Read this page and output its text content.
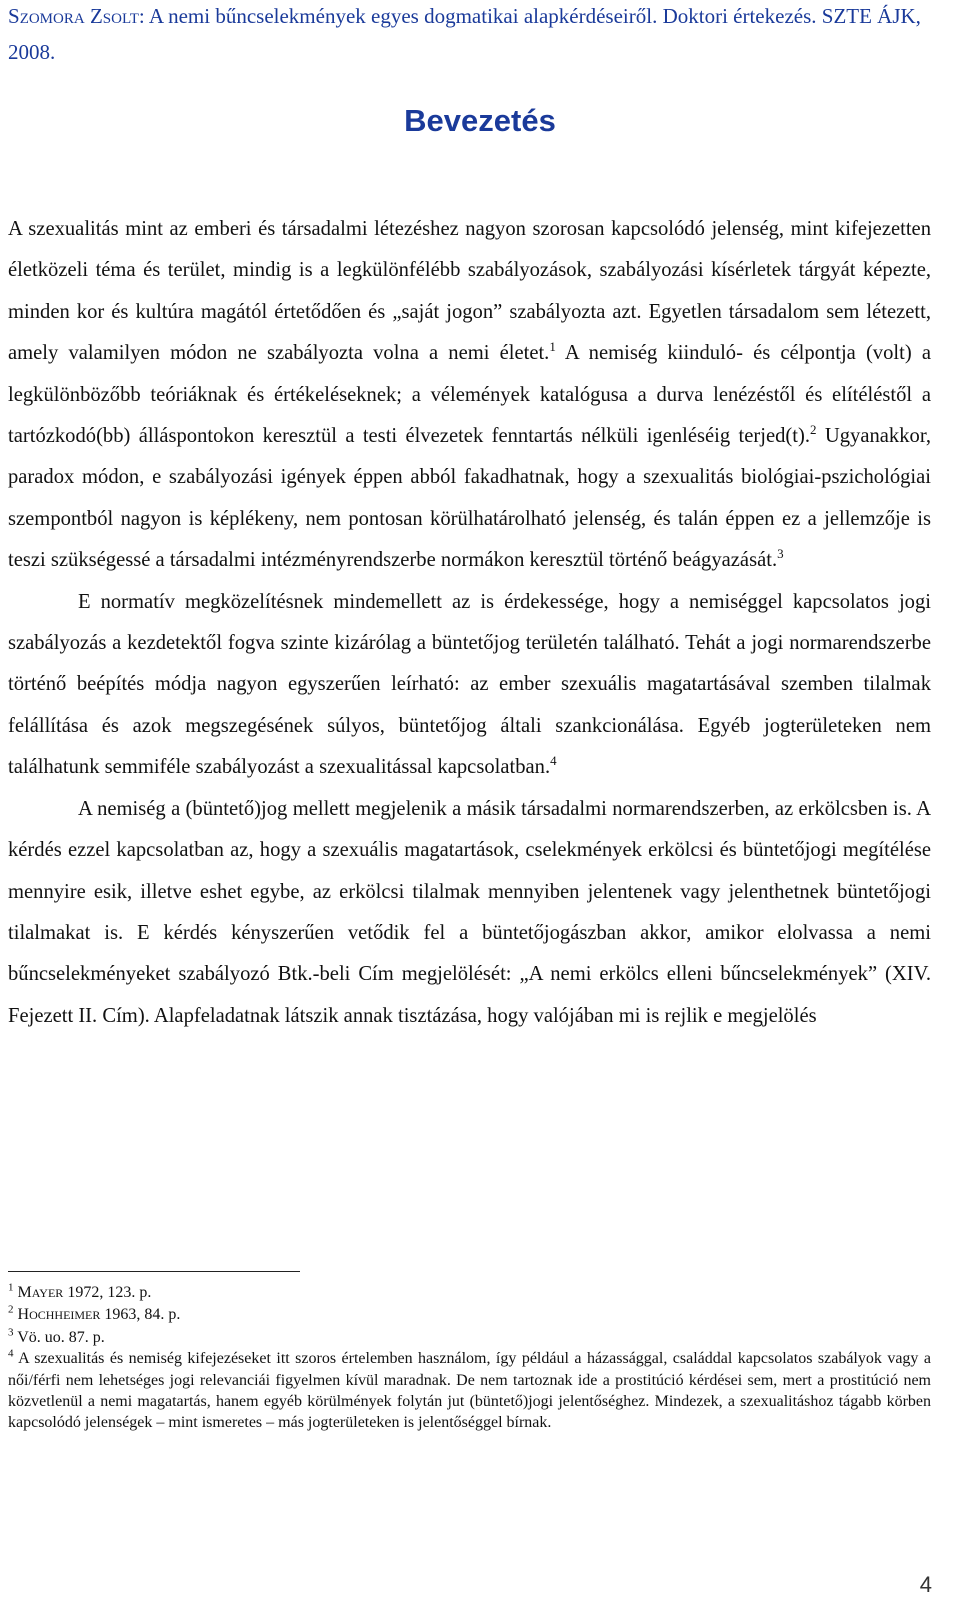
SZOMORA ZSOLT: A nemi bűncselekmények egyes dogmatikai alapkérdéseiről. Doktori értekezés. SZTE ÁJK, 2008.
Bevezetés

A szexualitás mint az emberi és társadalmi létezéshez nagyon szorosan kapcsolódó jelenség, mint kifejezetten életközeli téma és terület, mindig is a legkülönfélébb szabályozások, szabályozási kísérletek tárgyát képezte, minden kor és kultúra magától értetődően és „saját jogon” szabályozta azt. Egyetlen társadalom sem létezett, amely valamilyen módon ne szabályozta volna a nemi életet.$^1$ A nemiség kiinduló- és célpontja (volt) a legkülönbözőbb teóriáknak és értékeléseknek; a vélemények katalógusa a durva lenézéstől és elítéléstől a tartózkodó(bb) álláspontokon keresztül a testi élvezetek fenntartás nélküli igenléséig terjed(t).$^2$ Ugyanakkor, paradox módon, e szabályozási igények éppen abból fakadhatnak, hogy a szexualitás biológiai-pszichológiai szempontból nagyon is képlékeny, nem pontosan körülhatárolható jelenség, és talán éppen ez a jellemzője is teszi szükségessé a társadalmi intézményrendszerbe normákon keresztül történő beágyazását.$^3$

E normatív megközelítésnek mindemellett az is érdekessége, hogy a nemiséggel kapcsolatos jogi szabályozás a kezdetektől fogva szinte kizárólag a büntetőjog területén található. Tehát a jogi normarendszerbe történő beépítés módja nagyon egyszerűen leírható: az ember szexuális magatartásával szemben tilalmak felállítása és azok megszegésének súlyos, büntetőjog általi szankcionálása. Egyéb jogterületeken nem találhatunk semmiféle szabályozást a szexualitással kapcsolatban.$^4$

A nemiség a (büntető)jog mellett megjelenik a másik társadalmi normarendszerben, az erkölcsben is. A kérdés ezzel kapcsolatban az, hogy a szexuális magatartások, cselekmények erkölcsi és büntetőjogi megítélése mennyire esik, illetve eshet egybe, az erkölcsi tilalmak mennyiben jelentenek vagy jelenthetnek büntetőjogi tilalmakat is. E kérdés kényszerűen vetődik fel a büntetőjogászban akkor, amikor elolvassa a nemi bűncselekményeket szabályozó Btk.-beli Cím megjelölését: „A nemi erkölcs elleni bűncselekmények” (XIV. Fejezett II. Cím). Alapfeladatnak látszik annak tisztázása, hogy valójában mi is rejlik e megjelölés

$^1$ MAYER 1972, 123. p.

$^2$ HOCHHEIMER 1963, 84. p.

$^3$ Vö. uo. 87. p.

$^4$ A szexualitás és nemiség kifejezéseket itt szoros értelemben használom, így például a házassággal, családdal kapcsolatos szabályok vagy a női/férfi nem lehetséges jogi relevanciái figyelmen kívül maradnak. De nem tartoznak ide a prostitúció kérdései sem, mert a prostitúció nem közvetlenül a nemi magatartás, hanem egyéb körülmények folytán jut (büntető)jogi jelentőséghez. Mindezek, a szexualitáshoz tágabb körben kapcsolódó jelenségek – mint ismeretes – más jogterületeken is jelentőséggel bírnak.

4
